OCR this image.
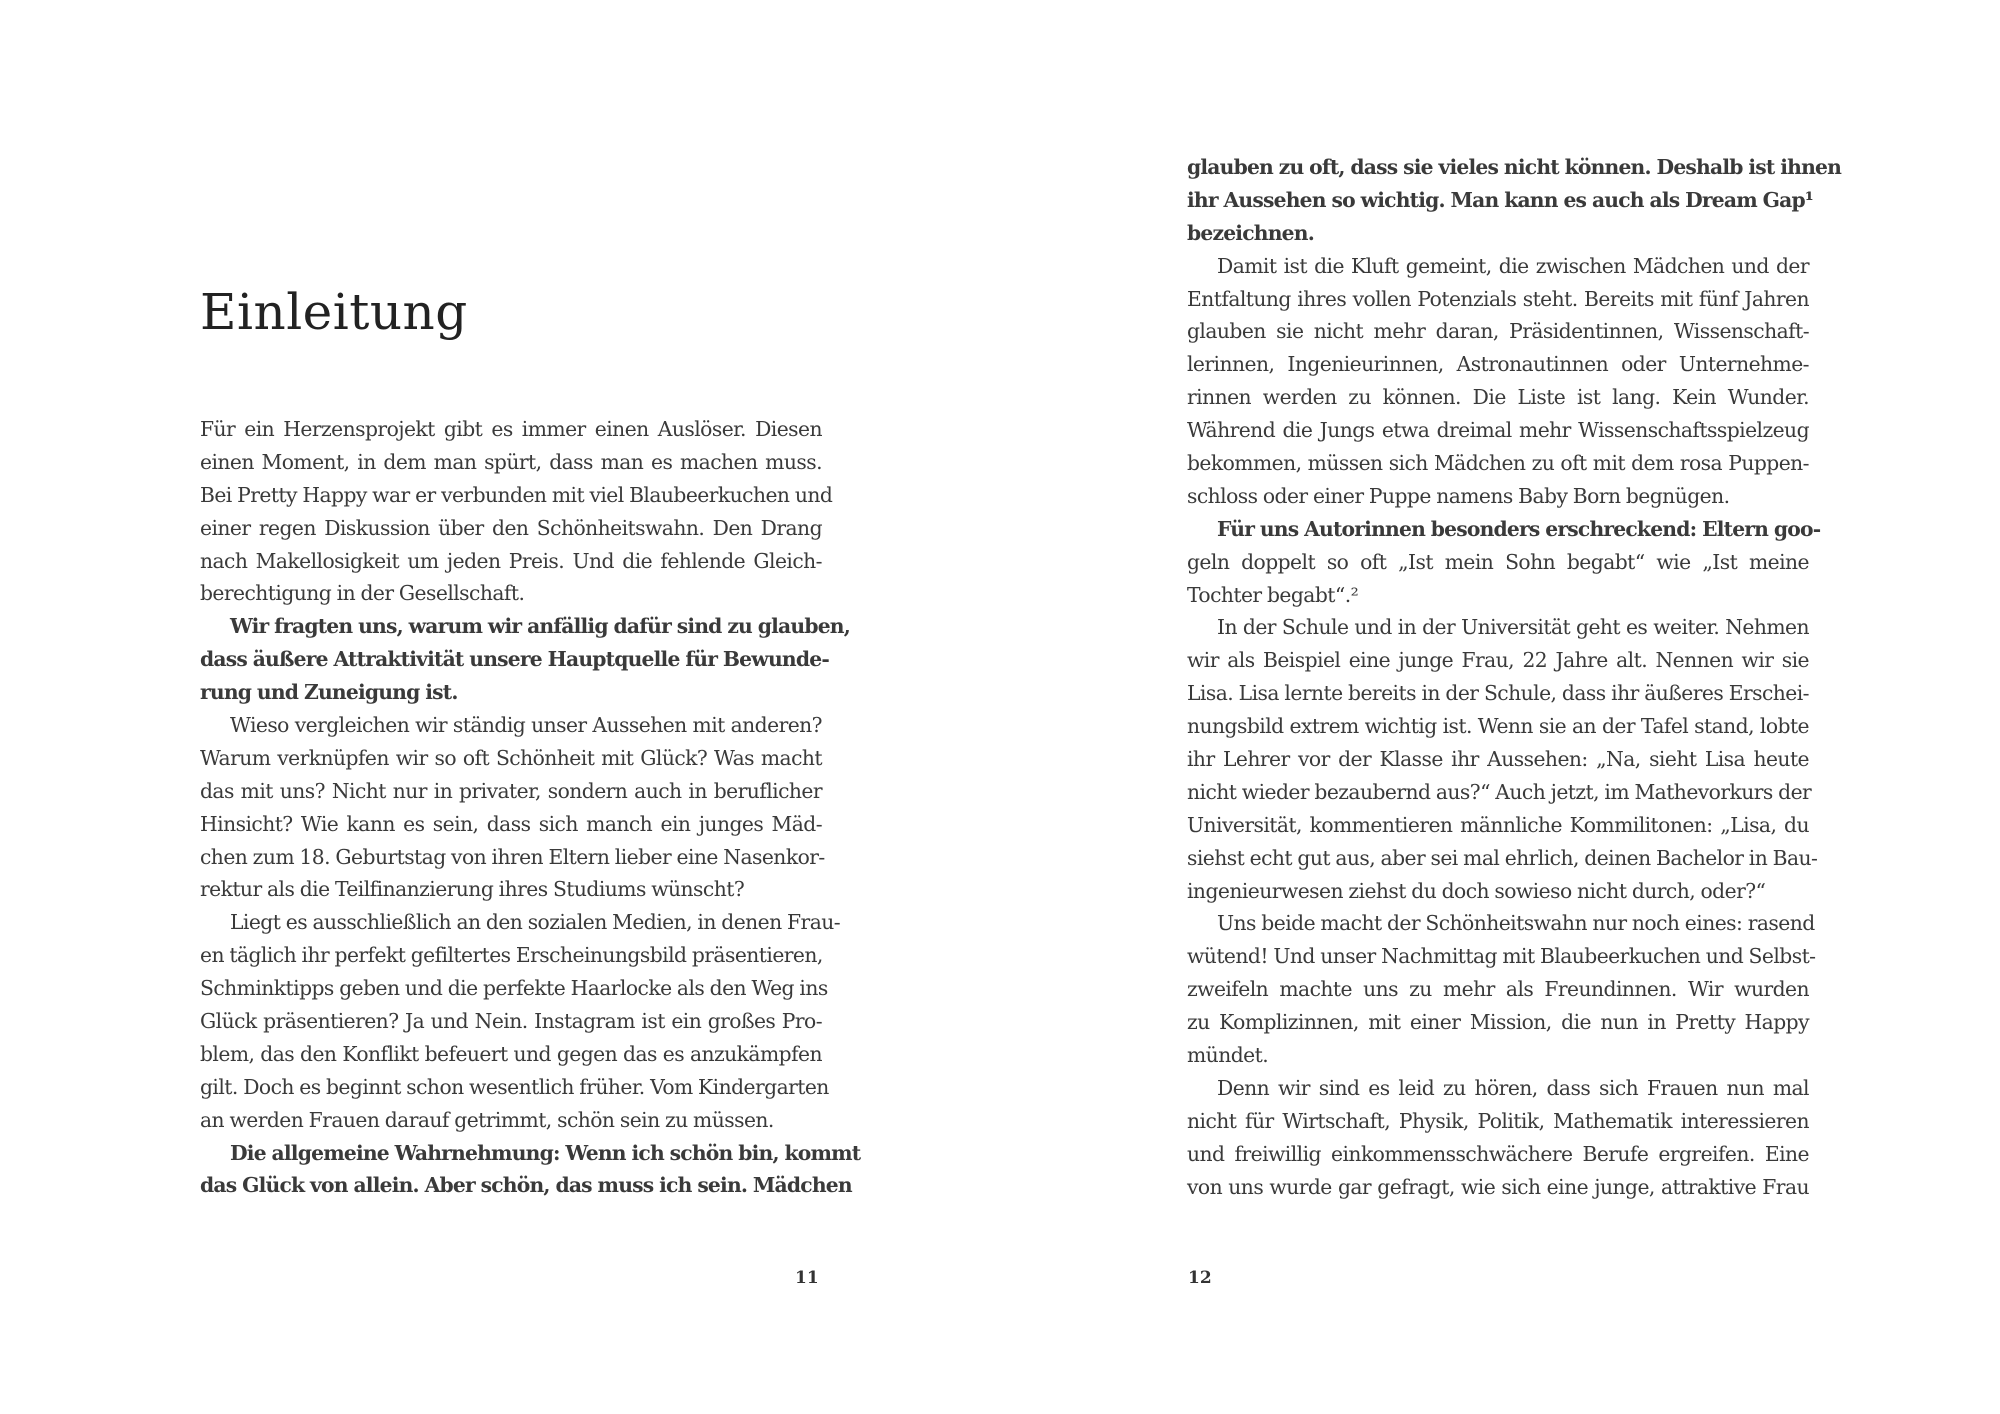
Einleitung
Für ein Herzensprojekt gibt es immer einen Auslöser. Diesen
einen Moment, in dem man spürt, dass man es machen muss.
Bei Pretty Happy war er verbunden mit viel Blaubeerkuchen und
einer regen Diskussion über den Schönheitswahn. Den Drang
nach Makellosigkeit um jeden Preis. Und die fehlende Gleich-
berechtigung in der Gesellschaft.
Wir fragten uns, warum wir anfällig dafür sind zu glauben,
dass äußere Attraktivität unsere Hauptquelle für Bewunde-
rung und Zuneigung ist.
Wieso vergleichen wir ständig unser Aussehen mit anderen?
Warum verknüpfen wir so oft Schönheit mit Glück? Was macht
das mit uns? Nicht nur in privater, sondern auch in beruflicher
Hinsicht? Wie kann es sein, dass sich manch ein junges Mäd-
chen zum 18. Geburtstag von ihren Eltern lieber eine Nasenkor-
rektur als die Teilfinanzierung ihres Studiums wünscht?
Liegt es ausschließlich an den sozialen Medien, in denen Frau-
en täglich ihr perfekt gefiltertes Erscheinungsbild präsentieren,
Schminktipps geben und die perfekte Haarlocke als den Weg ins
Glück präsentieren? Ja und Nein. Instagram ist ein großes Pro-
blem, das den Konflikt befeuert und gegen das es anzukämpfen
gilt. Doch es beginnt schon wesentlich früher. Vom Kindergarten
an werden Frauen darauf getrimmt, schön sein zu müssen.
Die allgemeine Wahrnehmung: Wenn ich schön bin, kommt
das Glück von allein. Aber schön, das muss ich sein. Mädchen
11
glauben zu oft, dass sie vieles nicht können. Deshalb ist ihnen
ihr Aussehen so wichtig. Man kann es auch als Dream Gap¹
bezeichnen.
Damit ist die Kluft gemeint, die zwischen Mädchen und der
Entfaltung ihres vollen Potenzials steht. Bereits mit fünf Jahren
glauben sie nicht mehr daran, Präsidentinnen, Wissenschaft-
lerinnen, Ingenieurinnen, Astronautinnen oder Unternehme-
rinnen werden zu können. Die Liste ist lang. Kein Wunder.
Während die Jungs etwa dreimal mehr Wissenschaftsspielzeug
bekommen, müssen sich Mädchen zu oft mit dem rosa Puppen-
schloss oder einer Puppe namens Baby Born begnügen.
Für uns Autorinnen besonders erschreckend: Eltern goo-
geln doppelt so oft „Ist mein Sohn begabt“ wie „Ist meine
Tochter begabt“.²
In der Schule und in der Universität geht es weiter. Nehmen
wir als Beispiel eine junge Frau, 22 Jahre alt. Nennen wir sie
Lisa. Lisa lernte bereits in der Schule, dass ihr äußeres Erschei-
nungsbild extrem wichtig ist. Wenn sie an der Tafel stand, lobte
ihr Lehrer vor der Klasse ihr Aussehen: „Na, sieht Lisa heute
nicht wieder bezaubernd aus?“ Auch jetzt, im Mathevorkurs der
Universität, kommentieren männliche Kommilitonen: „Lisa, du
siehst echt gut aus, aber sei mal ehrlich, deinen Bachelor in Bau-
ingenieurwesen ziehst du doch sowieso nicht durch, oder?“
Uns beide macht der Schönheitswahn nur noch eines: rasend
wütend! Und unser Nachmittag mit Blaubeerkuchen und Selbst-
zweifeln machte uns zu mehr als Freundinnen. Wir wurden
zu Komplizinnen, mit einer Mission, die nun in Pretty Happy
mündet.
Denn wir sind es leid zu hören, dass sich Frauen nun mal
nicht für Wirtschaft, Physik, Politik, Mathematik interessieren
und freiwillig einkommensschwächere Berufe ergreifen. Eine
von uns wurde gar gefragt, wie sich eine junge, attraktive Frau
12
